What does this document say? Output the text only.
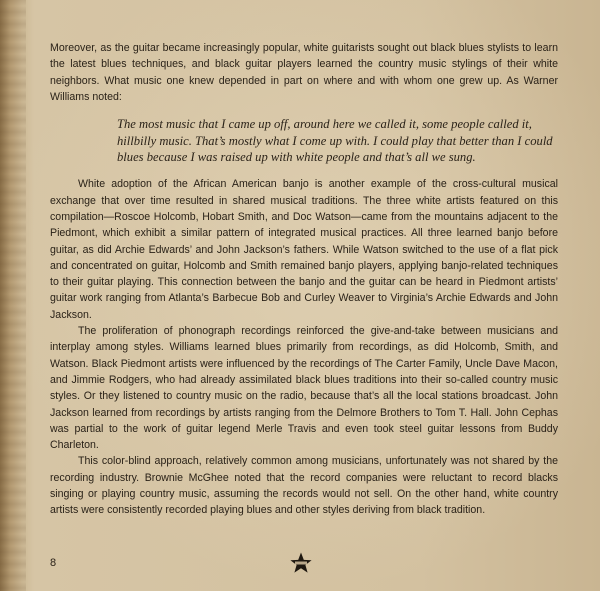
Moreover, as the guitar became increasingly popular, white guitarists sought out black blues stylists to learn the latest blues techniques, and black guitar players learned the country music stylings of their white neighbors. What music one knew depended in part on where and with whom one grew up. As Warner Williams noted:

The most music that I came up off, around here we called it, some people called it, hillbilly music. That’s mostly what I come up with. I could play that better than I could blues because I was raised up with white people and that’s all we sung.

White adoption of the African American banjo is another example of the cross-cultural musical exchange that over time resulted in shared musical traditions. The three white artists featured on this compilation—Roscoe Holcomb, Hobart Smith, and Doc Watson—came from the mountains adjacent to the Piedmont, which exhibit a similar pattern of integrated musical practices. All three learned banjo before guitar, as did Archie Edwards’ and John Jackson’s fathers. While Watson switched to the use of a flat pick and concentrated on guitar, Holcomb and Smith remained banjo players, applying banjo-related techniques to their guitar playing. This connection between the banjo and the guitar can be heard in Piedmont artists’ guitar work ranging from Atlanta’s Barbecue Bob and Curley Weaver to Virginia’s Archie Edwards and John Jackson.

The proliferation of phonograph recordings reinforced the give-and-take between musicians and interplay among styles. Williams learned blues primarily from recordings, as did Holcomb, Smith, and Watson. Black Piedmont artists were influenced by the recordings of The Carter Family, Uncle Dave Macon, and Jimmie Rodgers, who had already assimilated black blues traditions into their so-called country music styles. Or they listened to country music on the radio, because that’s all the local stations broadcast. John Jackson learned from recordings by artists ranging from the Delmore Brothers to Tom T. Hall. John Cephas was partial to the work of guitar legend Merle Travis and even took steel guitar lessons from Buddy Charleton.

This color-blind approach, relatively common among musicians, unfortunately was not shared by the recording industry. Brownie McGhee noted that the record companies were reluctant to record blacks singing or playing country music, assuming the records would not sell. On the other hand, white country artists were consistently recorded playing blues and other styles deriving from black tradition.

8
